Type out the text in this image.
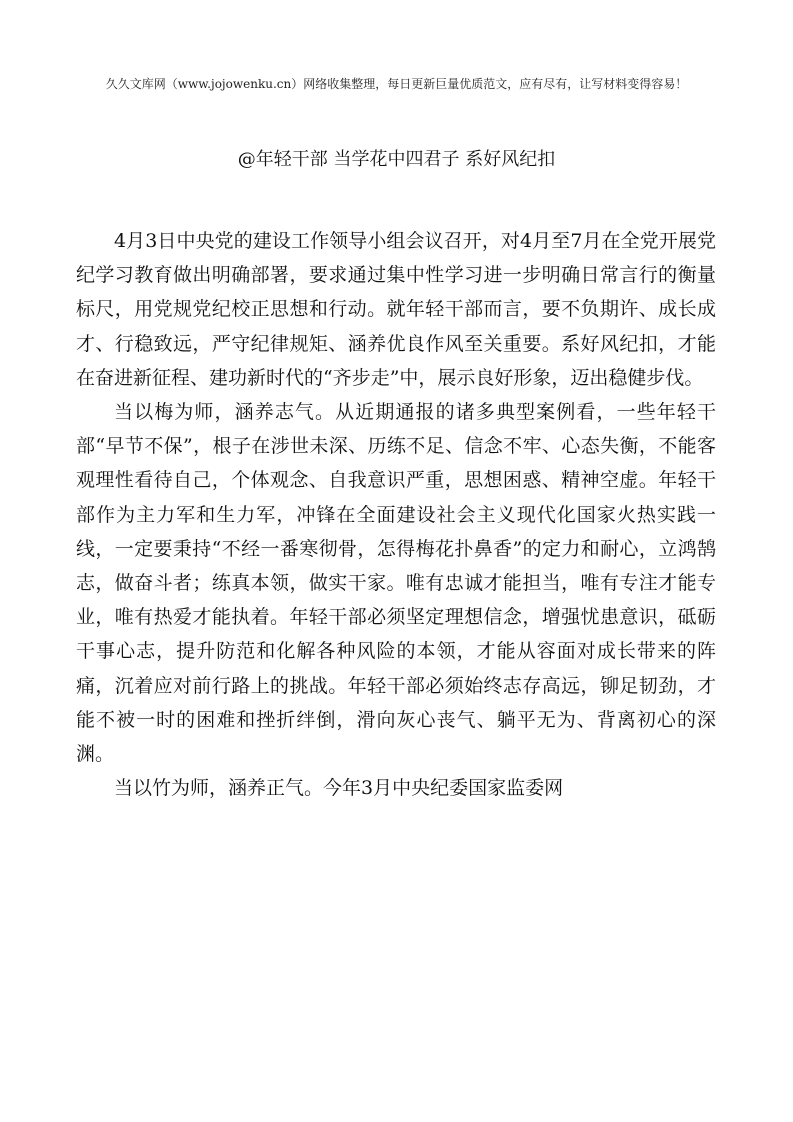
久久文库网（www.jojowenku.cn）网络收集整理，每日更新巨量优质范文，应有尽有，让写材料变得容易！
@年轻干部 当学花中四君子 系好风纪扣

4月3日中央党的建设工作领导小组会议召开，对4月至7月在全党开展党纪学习教育做出明确部署，要求通过集中性学习进一步明确日常言行的衡量标尺，用党规党纪校正思想和行动。就年轻干部而言，要不负期许、成长成才、行稳致远，严守纪律规矩、涵养优良作风至关重要。系好风纪扣，才能在奋进新征程、建功新时代的“齐步走”中，展示良好形象，迈出稳健步伐。

当以梅为师，涵养志气。从近期通报的诸多典型案例看，一些年轻干部“早节不保”，根子在涉世未深、历练不足、信念不牢、心态失衡，不能客观理性看待自己，个体观念、自我意识严重，思想困惑、精神空虚。年轻干部作为主力军和生力军，冲锋在全面建设社会主义现代化国家火热实践一线，一定要秉持“不经一番寒彻骨，怎得梅花扑鼻香”的定力和耐心，立鸿鹄志，做奋斗者；练真本领，做实干家。唯有忠诚才能担当，唯有专注才能专业，唯有热爱才能执着。年轻干部必须坚定理想信念，增强忧患意识，砥砺干事心志，提升防范和化解各种风险的本领，才能从容面对成长带来的阵痛，沉着应对前行路上的挑战。年轻干部必须始终志存高远，铆足韧劲，才能不被一时的困难和挫折绊倒，滑向灰心丧气、躺平无为、背离初心的深渊。

当以竹为师，涵养正气。今年3月中央纪委国家监委网
